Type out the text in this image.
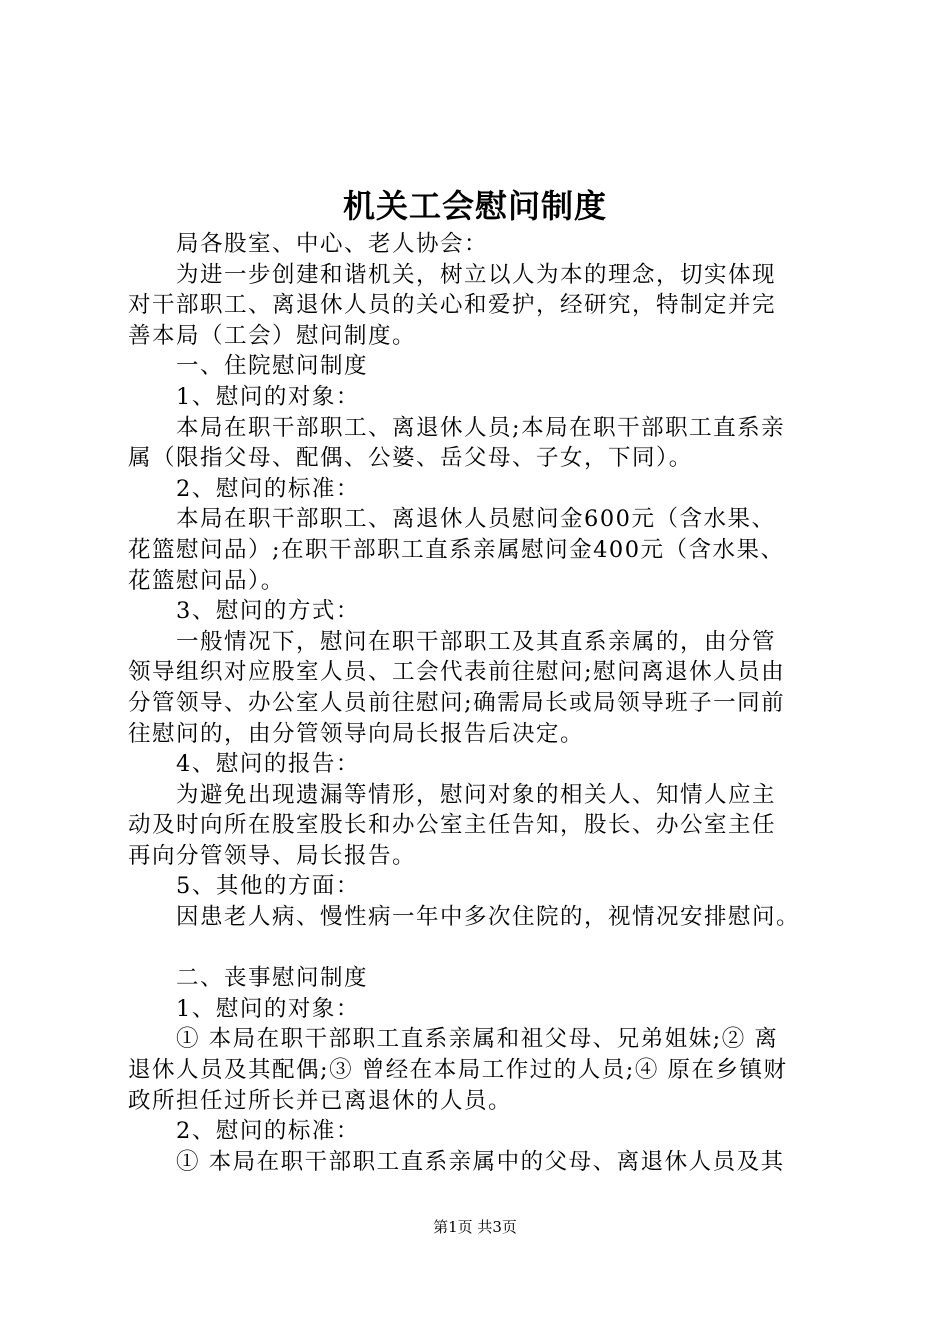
机关工会慰问制度

　　局各股室、中心、老人协会：

　　为进一步创建和谐机关，树立以人为本的理念，切实体现

对干部职工、离退休人员的关心和爱护，经研究，特制定并完

善本局（工会）慰问制度。

　　一、住院慰问制度

　　1、慰问的对象：

　　本局在职干部职工、离退休人员;本局在职干部职工直系亲

属（限指父母、配偶、公婆、岳父母、子女，下同）。

　　2、慰问的标准：

　　本局在职干部职工、离退休人员慰问金600元（含水果、

花篮慰问品）;在职干部职工直系亲属慰问金400元（含水果、

花篮慰问品）。

　　3、慰问的方式：

　　一般情况下，慰问在职干部职工及其直系亲属的，由分管

领导组织对应股室人员、工会代表前往慰问;慰问离退休人员由

分管领导、办公室人员前往慰问;确需局长或局领导班子一同前

往慰问的，由分管领导向局长报告后决定。

　　4、慰问的报告：

　　为避免出现遗漏等情形，慰问对象的相关人、知情人应主

动及时向所在股室股长和办公室主任告知，股长、办公室主任

再向分管领导、局长报告。

　　5、其他的方面：

　　因患老人病、慢性病一年中多次住院的，视情况安排慰问。

　　二、丧事慰问制度

　　1、慰问的对象：

　　① 本局在职干部职工直系亲属和祖父母、兄弟姐妹;② 离

退休人员及其配偶;③ 曾经在本局工作过的人员;④ 原在乡镇财

政所担任过所长并已离退休的人员。

　　2、慰问的标准：

　　① 本局在职干部职工直系亲属中的父母、离退休人员及其

第1页 共3页
